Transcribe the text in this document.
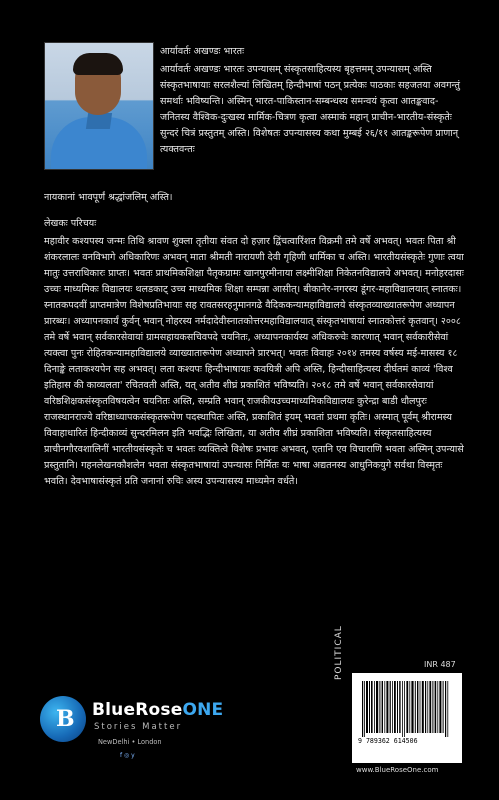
आर्यावर्तः अखण्डः भारतः

आर्यावर्तः अखण्डः भारतः उपन्यासम् संस्कृतसाहित्यस्य बृहत्तमम् उपन्यासम् अस्ति संस्कृतभाषायाः सरलशैल्यां लिखितम् हिन्दीभाषां पठन् प्रत्येकः पाठकाः सहजतया अवगन्तुं समर्थाः भविष्यन्ति। अस्मिन् भारत-पाकिस्तान-सम्बन्धस्य समन्वयं कृत्वा आतङ्कवाद-जनितस्य वैश्विक-दुःखस्य मार्मिक-चित्रण कृत्वा अस्माकं महान् प्राचीन-भारतीय-संस्कृतेः सुन्दरं चित्रं प्रस्तुतम् अस्ति। विशेषतः उपन्यासस्य कथा मुम्बई २६/११ आतङ्करूपेण प्राणान् त्यक्तवन्तः

नायकानां भावपूर्णं श्रद्धांजलिम् अस्ति।

लेखकः परिचयः

महावीर कश्यपस्य जन्मः तिथि श्रावण शुक्ला तृतीया संवत दो हज़ार द्विंचत्वारिंशत विक्रमी तमे वर्षे अभवत्। भवतः पिता श्री शंकरलालः वनविभागे अधिकारिणः अभवन् माता श्रीमती नारायणी देवी गृहिणी धार्मिका च अस्ति। भारतीयसंस्कृतेः गुणाः त्वया मातुः उत्तराधिकारः प्राप्तः। भवतः प्राथमिकशिक्षा पैतृकग्रामः खानपुरमीनाया लक्ष्मीशिक्षा निकेतनविद्यालये अभवत्। मनोहरदासः उच्चः माध्यमिकः विद्यालयः थलडकाट् उच्च माध्यमिक शिक्षा सम्पन्ना आसीत्। बीकानेर-नगरस्य डूंगर-महाविद्यालयात् स्नातकः। स्नातकपदवीं प्राप्तमात्रेण विशेषप्रतिभायाः सह रावतसरहनुमानगढे वैदिककन्यामहाविद्यालये संस्कृतव्याख्यातरूपेण अध्यापन प्रारब्धः। अध्यापनकार्यं कुर्वन् भवान् नोहरस्य नर्मदादेवीस्नातकोत्तरमहाविद्यालयात् संस्कृतभाषायां स्नातकोत्तरं कृतवान्। २००८ तमे वर्षे भवान् सर्वकारसेवायां ग्रामसहायकसचिवपदे चयनितः, अध्यापनकार्यस्य अधिकरुचेः कारणात् भवान् सर्वकारीसेवां त्यक्त्वा पुनः रोहितकन्यामहाविद्यालये व्याख्यातारूपेण अध्यापने प्रारभत्। भवतः विवाहः २०१४ तमस्य वर्षस्य मई-मासस्य १८ दिनाङ्के लताकश्यपेन सह अभवत्। लता कश्यपः हिन्दीभाषायाः कवयित्री अपि अस्ति, हिन्दीसाहित्यस्य दीर्घतमं काव्यं 'विश्व इतिहास की काव्यलता' रचितवती अस्ति, यत् अतीव शीघ्रं प्रकाशितं भविष्यति। २०१८ तमे वर्षे भवान् सर्वकारसेवायां वरिष्ठशिक्षकसंस्कृतविषयत्वेन चयनितः अस्ति, सम्प्रति भवान् राजकीयउच्चमाध्यमिकविद्यालयः कुरेन्द्रा बाडी धौलपुरः राजस्थानराज्ये वरिष्ठाध्यापकसंस्कृतरूपेण पदस्थापितः अस्ति, प्रकाशितं इयम् भवतां प्रथमा कृतिः। अस्मात् पूर्वम् श्रीरामस्य विवाहाधारितं हिन्दीकाव्यं सुन्दरमिलन इति भवद्भिः लिखिता, या अतीव शीघ्रं प्रकाशिता भविष्यति। संस्कृतसाहित्यस्य प्राचीनगौरवशालिनीं भारतीयसंस्कृतेः च भवतः व्यक्तित्वे विशेषः प्रभावः अभवत्, एतानि एव विचाराणि भवता अस्मिन् उपन्यासे प्रस्तुतानि। गहनलेखनकौशलेन भवता संस्कृतभाषायां उपन्यासः निर्मितः यः भाषा अद्यतनस्य आधुनिकयुगे सर्वथा विस्मृतः भवति। देवभाषासंस्कृतं प्रति जनानां रुचिः अस्य उपन्यासस्य माध्यमेन वर्धते।

INR 487
B BlueRoseONE
Stories Matter
NewDelhi • London
f ◎ y
POLITICAL
9 789362 614506
www.BlueRoseOne.com
